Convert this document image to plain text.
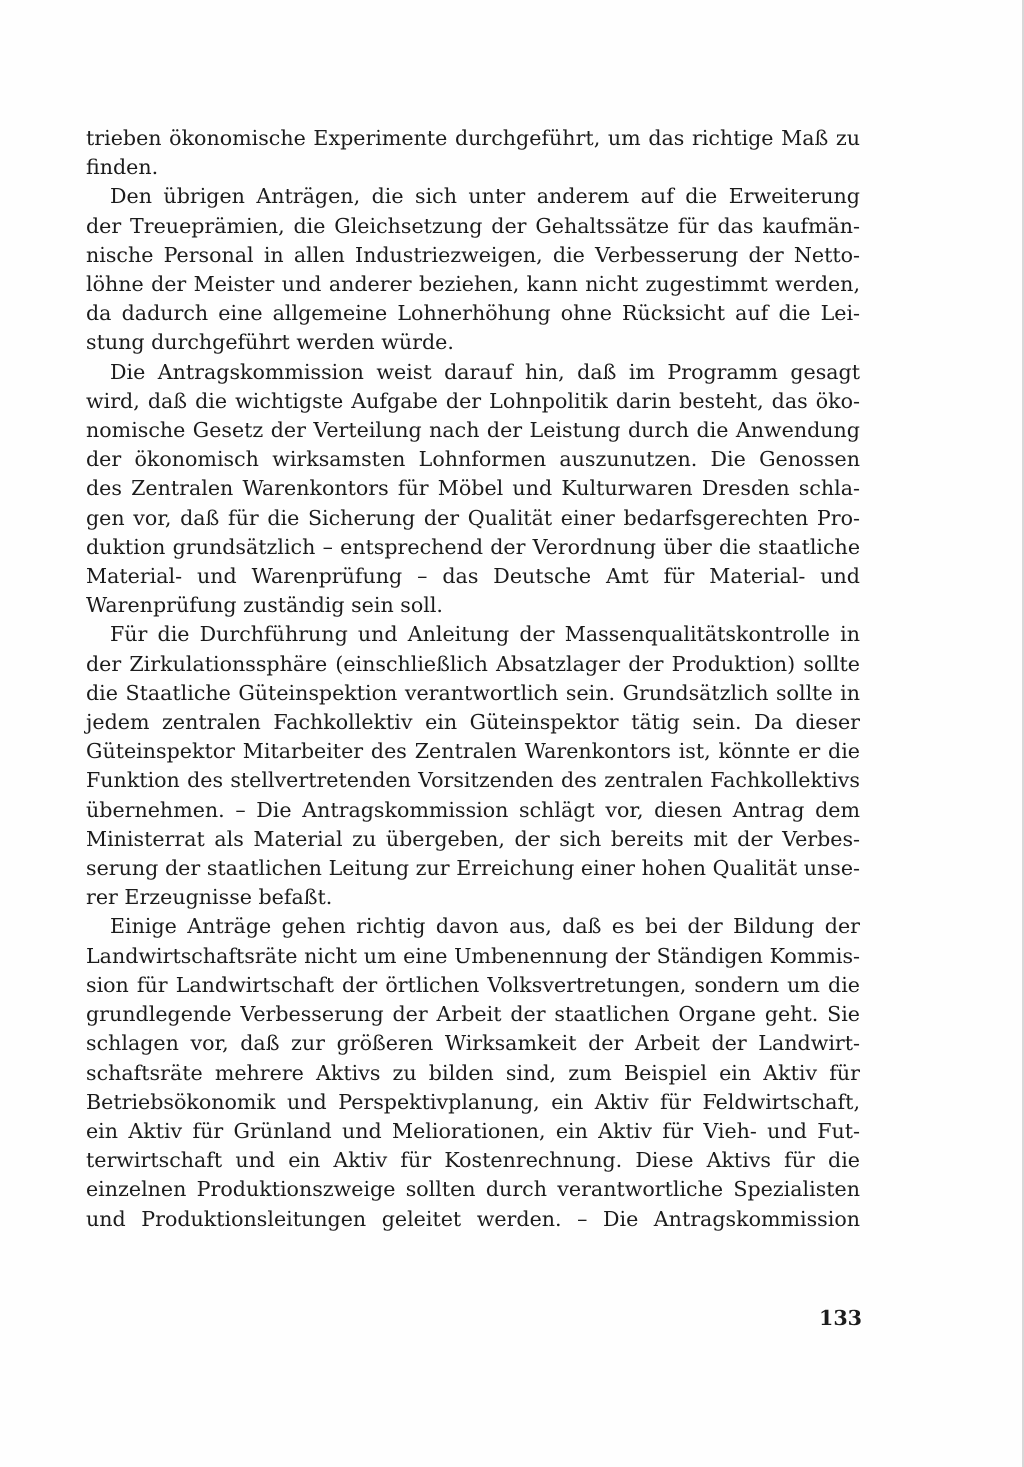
trieben ökonomische Experimente durchgeführt, um das richtige Maß zu
finden.

Den übrigen Anträgen, die sich unter anderem auf die Erweiterung
der Treueprämien, die Gleichsetzung der Gehaltssätze für das kaufmän-
nische Personal in allen Industriezweigen, die Verbesserung der Netto-
löhne der Meister und anderer beziehen, kann nicht zugestimmt werden,
da dadurch eine allgemeine Lohnerhöhung ohne Rücksicht auf die Lei-
stung durchgeführt werden würde.

Die Antragskommission weist darauf hin, daß im Programm gesagt
wird, daß die wichtigste Aufgabe der Lohnpolitik darin besteht, das öko-
nomische Gesetz der Verteilung nach der Leistung durch die Anwendung
der ökonomisch wirksamsten Lohnformen auszunutzen. Die Genossen
des Zentralen Warenkontors für Möbel und Kulturwaren Dresden schla-
gen vor, daß für die Sicherung der Qualität einer bedarfsgerechten Pro-
duktion grundsätzlich – entsprechend der Verordnung über die staatliche
Material- und Warenprüfung – das Deutsche Amt für Material- und
Warenprüfung zuständig sein soll.

Für die Durchführung und Anleitung der Massenqualitätskontrolle in
der Zirkulationssphäre (einschließlich Absatzlager der Produktion) sollte
die Staatliche Güteinspektion verantwortlich sein. Grundsätzlich sollte in
jedem zentralen Fachkollektiv ein Güteinspektor tätig sein. Da dieser
Güteinspektor Mitarbeiter des Zentralen Warenkontors ist, könnte er die
Funktion des stellvertretenden Vorsitzenden des zentralen Fachkollektivs
übernehmen. – Die Antragskommission schlägt vor, diesen Antrag dem
Ministerrat als Material zu übergeben, der sich bereits mit der Verbes-
serung der staatlichen Leitung zur Erreichung einer hohen Qualität unse-
rer Erzeugnisse befaßt.

Einige Anträge gehen richtig davon aus, daß es bei der Bildung der
Landwirtschaftsräte nicht um eine Umbenennung der Ständigen Kommis-
sion für Landwirtschaft der örtlichen Volksvertretungen, sondern um die
grundlegende Verbesserung der Arbeit der staatlichen Organe geht. Sie
schlagen vor, daß zur größeren Wirksamkeit der Arbeit der Landwirt-
schaftsräte mehrere Aktivs zu bilden sind, zum Beispiel ein Aktiv für
Betriebsökonomik und Perspektivplanung, ein Aktiv für Feldwirtschaft,
ein Aktiv für Grünland und Meliorationen, ein Aktiv für Vieh- und Fut-
terwirtschaft und ein Aktiv für Kostenrechnung. Diese Aktivs für die
einzelnen Produktionszweige sollten durch verantwortliche Spezialisten
und Produktionsleitungen geleitet werden. – Die Antragskommission

133
